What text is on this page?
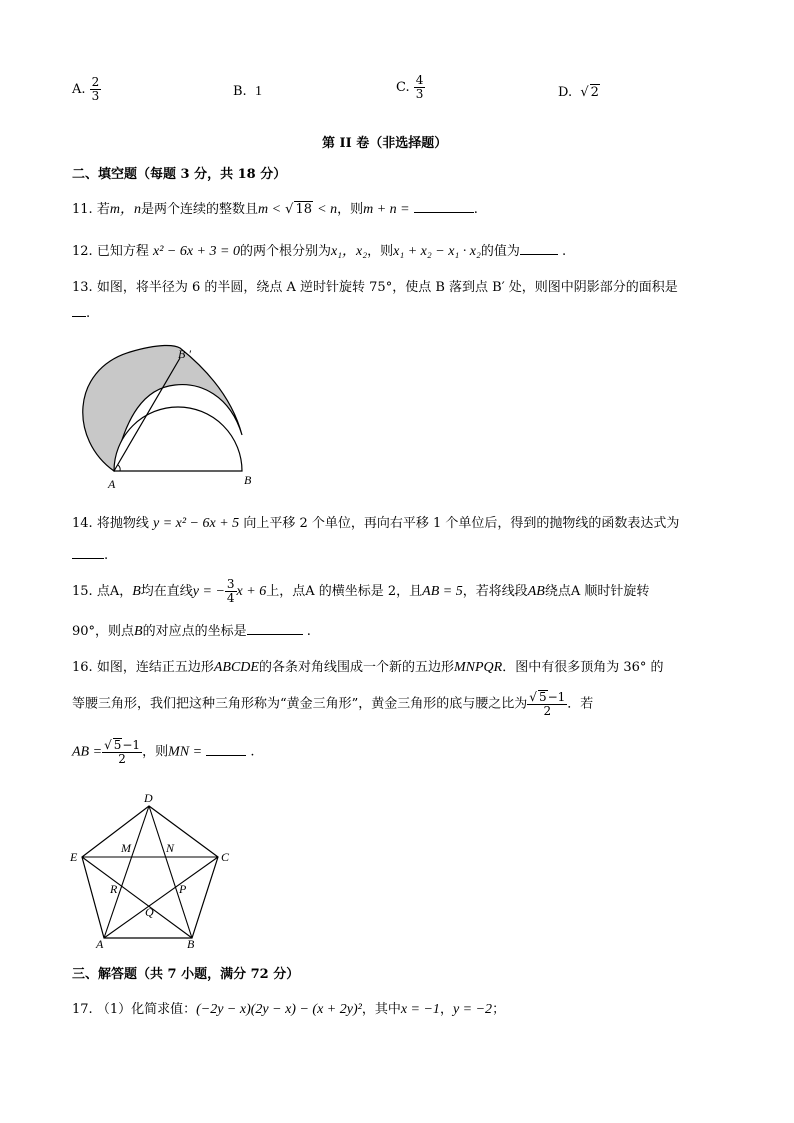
A. $\frac{2}{3}$	B. 1	C. $\frac{4}{3}$	D.  √ 2
第 II 卷（非选择题）
二、填空题（每题 3 分，共 18 分）
11. 若m，n是两个连续的整数且m < √ 18 < n，则m + n =	.
12. 已知方程 x² − 6x + 3 = 0的两个根分别为x₁，x₂，则x₁ + x₂ − x₁ · x₂的值为	.
13. 如图，将半径为 6 的半圆，绕点 A 逆时针旋转 75°，使点 B 落到点 B′ 处，则图中阴影部分的面积是
.
A	B
B ′
14. 将抛物线 y = x² − 6x + 5 向上平移 2 个单位，再向右平移 1 个单位后，得到的抛物线的函数表达式为
.
15. 点A，B均在直线y = − $\frac{3}{4}$ x + 6上，点A 的横坐标是 2，且AB = 5，若将线段AB绕点A 顺时针旋转
90°，则点B的对应点的坐标是	.
16. 如图，连结正五边形ABCDE的各条对角线围成一个新的五边形MNPQR．图中有很多顶角为 36° 的
等腰三角形，我们把这种三角形称为“黄金三角形”，黄金三角形的底与腰之比为 $\frac{√ 5-1}{2}$ ．若
AB = $\frac{√ 5-1}{2}$ ，则MN =	.
D
E	C
M	N
R	P
Q
A	B
三、解答题（共 7 小题，满分 72 分）
17. （1）化简求值：(−2y − x)(2y − x) − (x + 2y)²，其中x = −1，y = −2；
